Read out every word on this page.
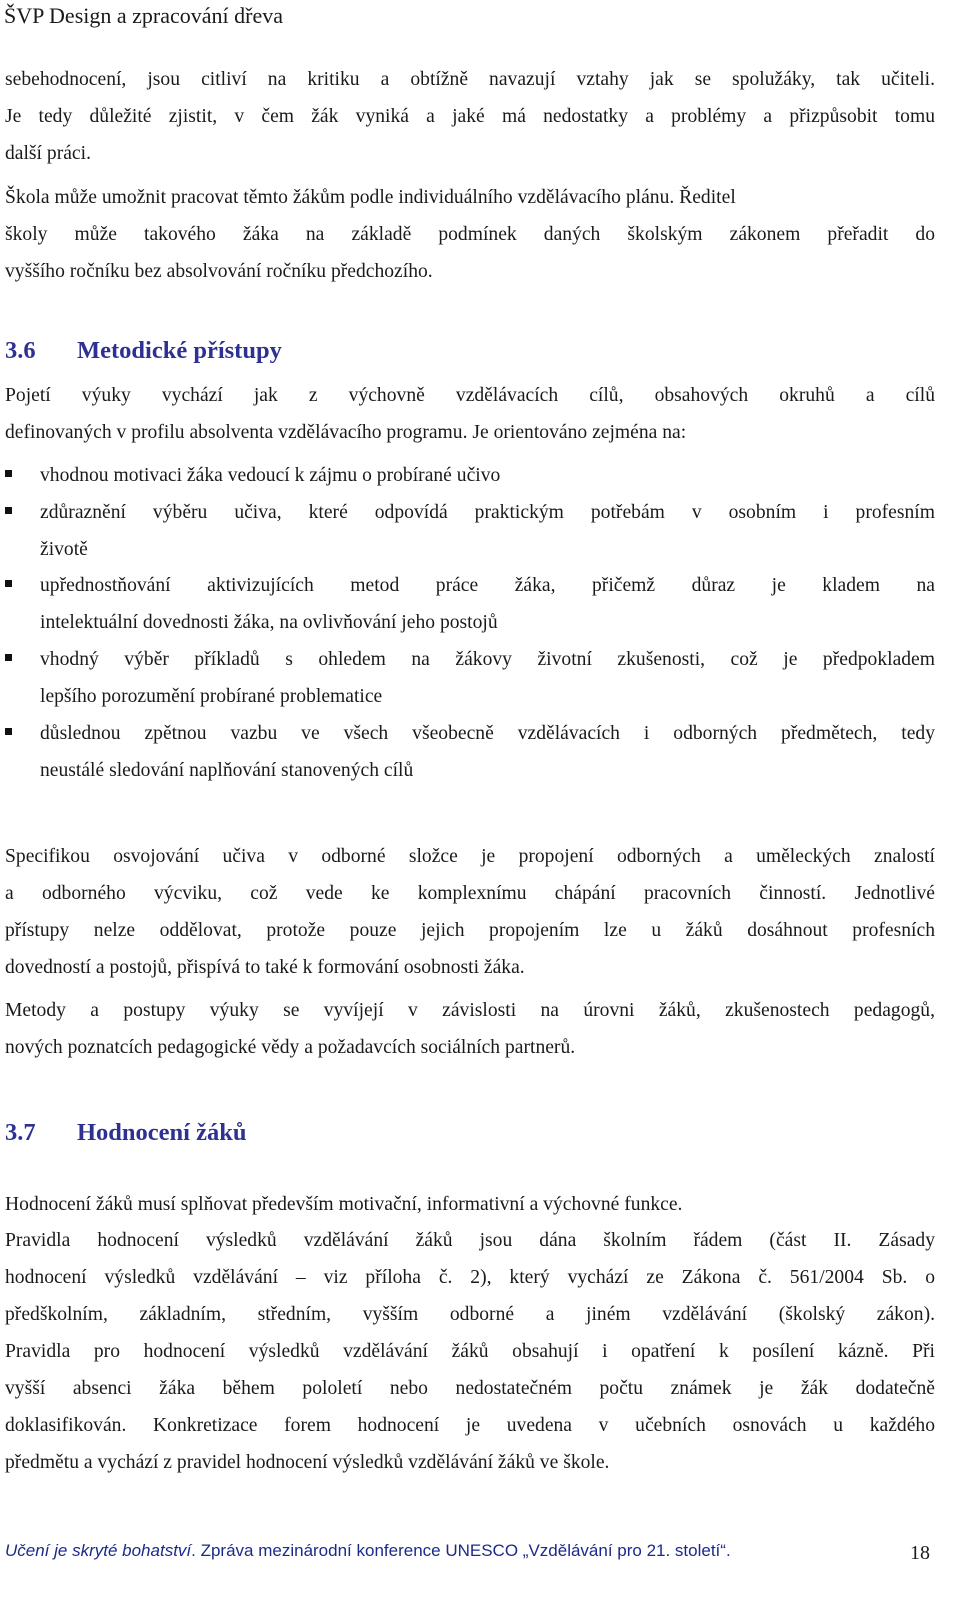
ŠVP Design a zpracování dřeva
sebehodnocení, jsou citliví na kritiku a obtížně navazují vztahy jak se spolužáky, tak učiteli.
Je tedy důležité zjistit, v čem žák vyniká a jaké má nedostatky a problémy a přizpůsobit tomu
další práci.
Škola může umožnit pracovat těmto žákům podle individuálního vzdělávacího plánu. Ředitel
školy může takového žáka na základě podmínek daných školským zákonem přeřadit do
vyššího ročníku bez absolvování ročníku předchozího.
3.6 Metodické přístupy
Pojetí výuky vychází jak z výchovně vzdělávacích cílů, obsahových okruhů a cílů
definovaných v profilu absolventa vzdělávacího programu. Je orientováno zejména na:
vhodnou motivaci žáka vedoucí k zájmu o probírané učivo
zdůraznění výběru učiva, které odpovídá praktickým potřebám v osobním i profesním
životě
upřednostňování aktivizujících metod práce žáka, přičemž důraz je kladem na
intelektuální dovednosti žáka, na ovlivňování jeho postojů
vhodný výběr příkladů s ohledem na žákovy životní zkušenosti, což je předpokladem
lepšího porozumění probírané problematice
důslednou zpětnou vazbu ve všech všeobecně vzdělávacích i odborných předmětech, tedy
neustálé sledování naplňování stanovených cílů
Specifikou osvojování učiva v odborné složce je propojení odborných a uměleckých znalostí
a odborného výcviku, což vede ke komplexnímu chápání pracovních činností. Jednotlivé
přístupy nelze oddělovat, protože pouze jejich propojením lze u žáků dosáhnout profesních
dovedností a postojů, přispívá to také k formování osobnosti žáka.
Metody a postupy výuky se vyvíjejí v závislosti na úrovni žáků, zkušenostech pedagogů,
nových poznatcích pedagogické vědy a požadavcích sociálních partnerů.
3.7 Hodnocení žáků
Hodnocení žáků musí splňovat především motivační, informativní a výchovné funkce.
Pravidla hodnocení výsledků vzdělávání žáků jsou dána školním řádem (část II. Zásady
hodnocení výsledků vzdělávání – viz příloha č. 2), který vychází ze Zákona č. 561/2004 Sb. o
předškolním, základním, středním, vyšším odborné a jiném vzdělávání (školský zákon).
Pravidla pro hodnocení výsledků vzdělávání žáků obsahují i opatření k posílení kázně. Při
vyšší absenci žáka během pololetí nebo nedostatečném počtu známek je žák dodatečně
doklasifikován. Konkretizace forem hodnocení je uvedena v učebních osnovách u každého
předmětu a vychází z pravidel hodnocení výsledků vzdělávání žáků ve škole.
Učení je skryté bohatství. Zpráva mezinárodní konference UNESCO „Vzdělávání pro 21. století“.	18
